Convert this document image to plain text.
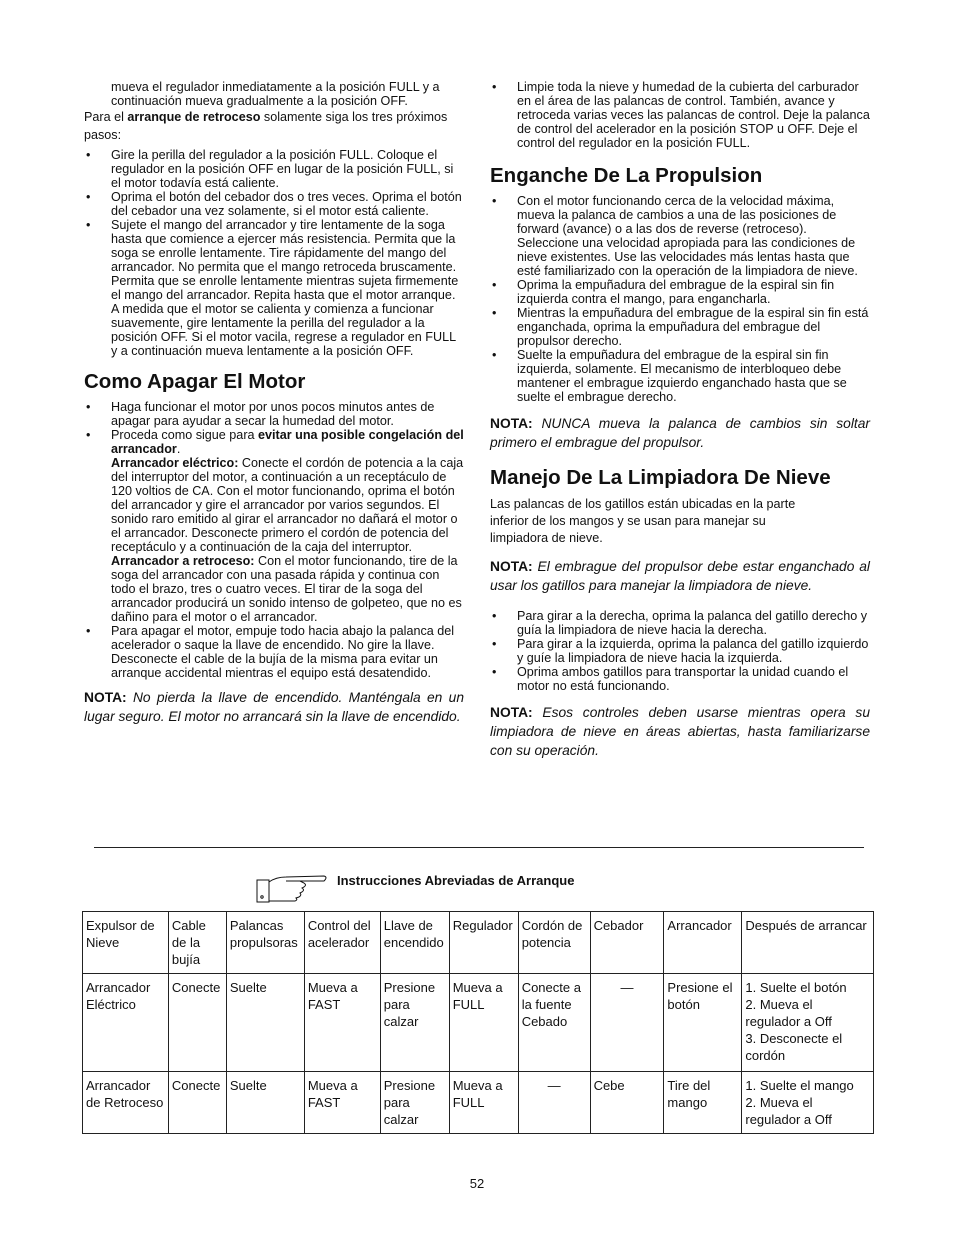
mueva el regulador inmediatamente a la posición FULL y a continuación mueva gradualmente a la posición OFF.

Para el arranque de retroceso solamente siga los tres próximos pasos:

• Gire la perilla del regulador a la posición FULL. Coloque el regulador en la posición OFF en lugar de la posición FULL, si el motor todavía está caliente.
• Oprima el botón del cebador dos o tres veces. Oprima el botón del cebador una vez solamente, si el motor está caliente.
• Sujete el mango del arrancador y tire lentamente de la soga hasta que comience a ejercer más resistencia. Permita que la soga se enrolle lentamente. Tire rápidamente del mango del arrancador. No permita que el mango retroceda bruscamente. Permita que se enrolle lentamente mientras sujeta firmemente el mango del arrancador. Repita hasta que el motor arranque. A medida que el motor se calienta y comienza a funcionar suavemente, gire lentamente la perilla del regulador a la posición OFF. Si el motor vacila, regrese a regulador en FULL y a continuación mueva lentamente a la posición OFF.
Como Apagar El Motor
• Haga funcionar el motor por unos pocos minutos antes de apagar para ayudar a secar la humedad del motor.
• Proceda como sigue para evitar una posible congelación del arrancador.
Arrancador eléctrico: Conecte el cordón de potencia a la caja del interruptor del motor, a continuación a un receptáculo de 120 voltios de CA. Con el motor funcionando, oprima el botón del arrancador y gire el arrancador por varios segundos. El sonido raro emitido al girar el arrancador no dañará el motor o el arrancador. Desconecte primero el cordón de potencia del receptáculo y a continuación de la caja del interruptor.
Arrancador a retroceso: Con el motor funcionando, tire de la soga del arrancador con una pasada rápida y continua con todo el brazo, tres o cuatro veces. El tirar de la soga del arrancador producirá un sonido intenso de golpeteo, que no es dañino para el motor o el arrancador.
• Para apagar el motor, empuje todo hacia abajo la palanca del acelerador o saque la llave de encendido. No gire la llave. Desconecte el cable de la bujía de la misma para evitar un arranque accidental mientras el equipo está desatendido.

NOTA: No pierda la llave de encendido. Manténgala en un lugar seguro. El motor no arrancará sin la llave de encendido.

• Limpie toda la nieve y humedad de la cubierta del carburador en el área de las palancas de control. También, avance y retroceda varias veces las palancas de control. Deje la palanca de control del acelerador en la posición STOP u OFF. Deje el control del regulador en la posición FULL.
Enganche De La Propulsion
• Con el motor funcionando cerca de la velocidad máxima, mueva la palanca de cambios a una de las posiciones de forward (avance) o a las dos de reverse (retroceso). Seleccione una velocidad apropiada para las condiciones de nieve existentes. Use las velocidades más lentas hasta que esté familiarizado con la operación de la limpiadora de nieve.
• Oprima la empuñadura del embrague de la espiral sin fin izquierda contra el mango, para engancharla.
• Mientras la empuñadura del embrague de la espiral sin fin está enganchada, oprima la empuñadura del embrague del propulsor derecho.
• Suelte la empuñadura del embrague de la espiral sin fin izquierda, solamente. El mecanismo de interbloqueo debe mantener el embrague izquierdo enganchado hasta que se suelte el embrague derecho.

NOTA: NUNCA mueva la palanca de cambios sin soltar primero el embrague del propulsor.

Manejo De La Limpiadora De Nieve

Las palancas de los gatillos están ubicadas en la parte inferior de los mangos y se usan para manejar su limpiadora de nieve.

NOTA: El embrague del propulsor debe estar enganchado al usar los gatillos para manejar la limpiadora de nieve.

• Para girar a la derecha, oprima la palanca del gatillo derecho y guía la limpiadora de nieve hacia la derecha.
• Para girar a la izquierda, oprima la palanca del gatillo izquierdo y guíe la limpiadora de nieve hacia la izquierda.
• Oprima ambos gatillos para transportar la unidad cuando el motor no está funcionando.

NOTA: Esos controles deben usarse mientras opera su limpiadora de nieve en áreas abiertas, hasta familiarizarse con su operación.

Instrucciones Abreviadas de Arranque
Expulsor de Nieve	Cable de la bujía	Palancas propulsoras	Control del acelerador	Llave de encendido	Regulador	Cordón de potencia	Cebador	Arrancador	Después de arrancar
Arrancador Eléctrico	Conecte	Suelte	Mueva a FAST	Presione para calzar	Mueva a FULL	Conecte a la fuente Cebado	—	Presione el botón	1. Suelte el botón
2. Mueva el regulador a Off
3. Desconecte el cordón
Arrancador de Retroceso	Conecte	Suelte	Mueva a FAST	Presione para calzar	Mueva a FULL	—	Cebe	Tire del mango	1. Suelte el mango
2. Mueva el regulador a Off
52
